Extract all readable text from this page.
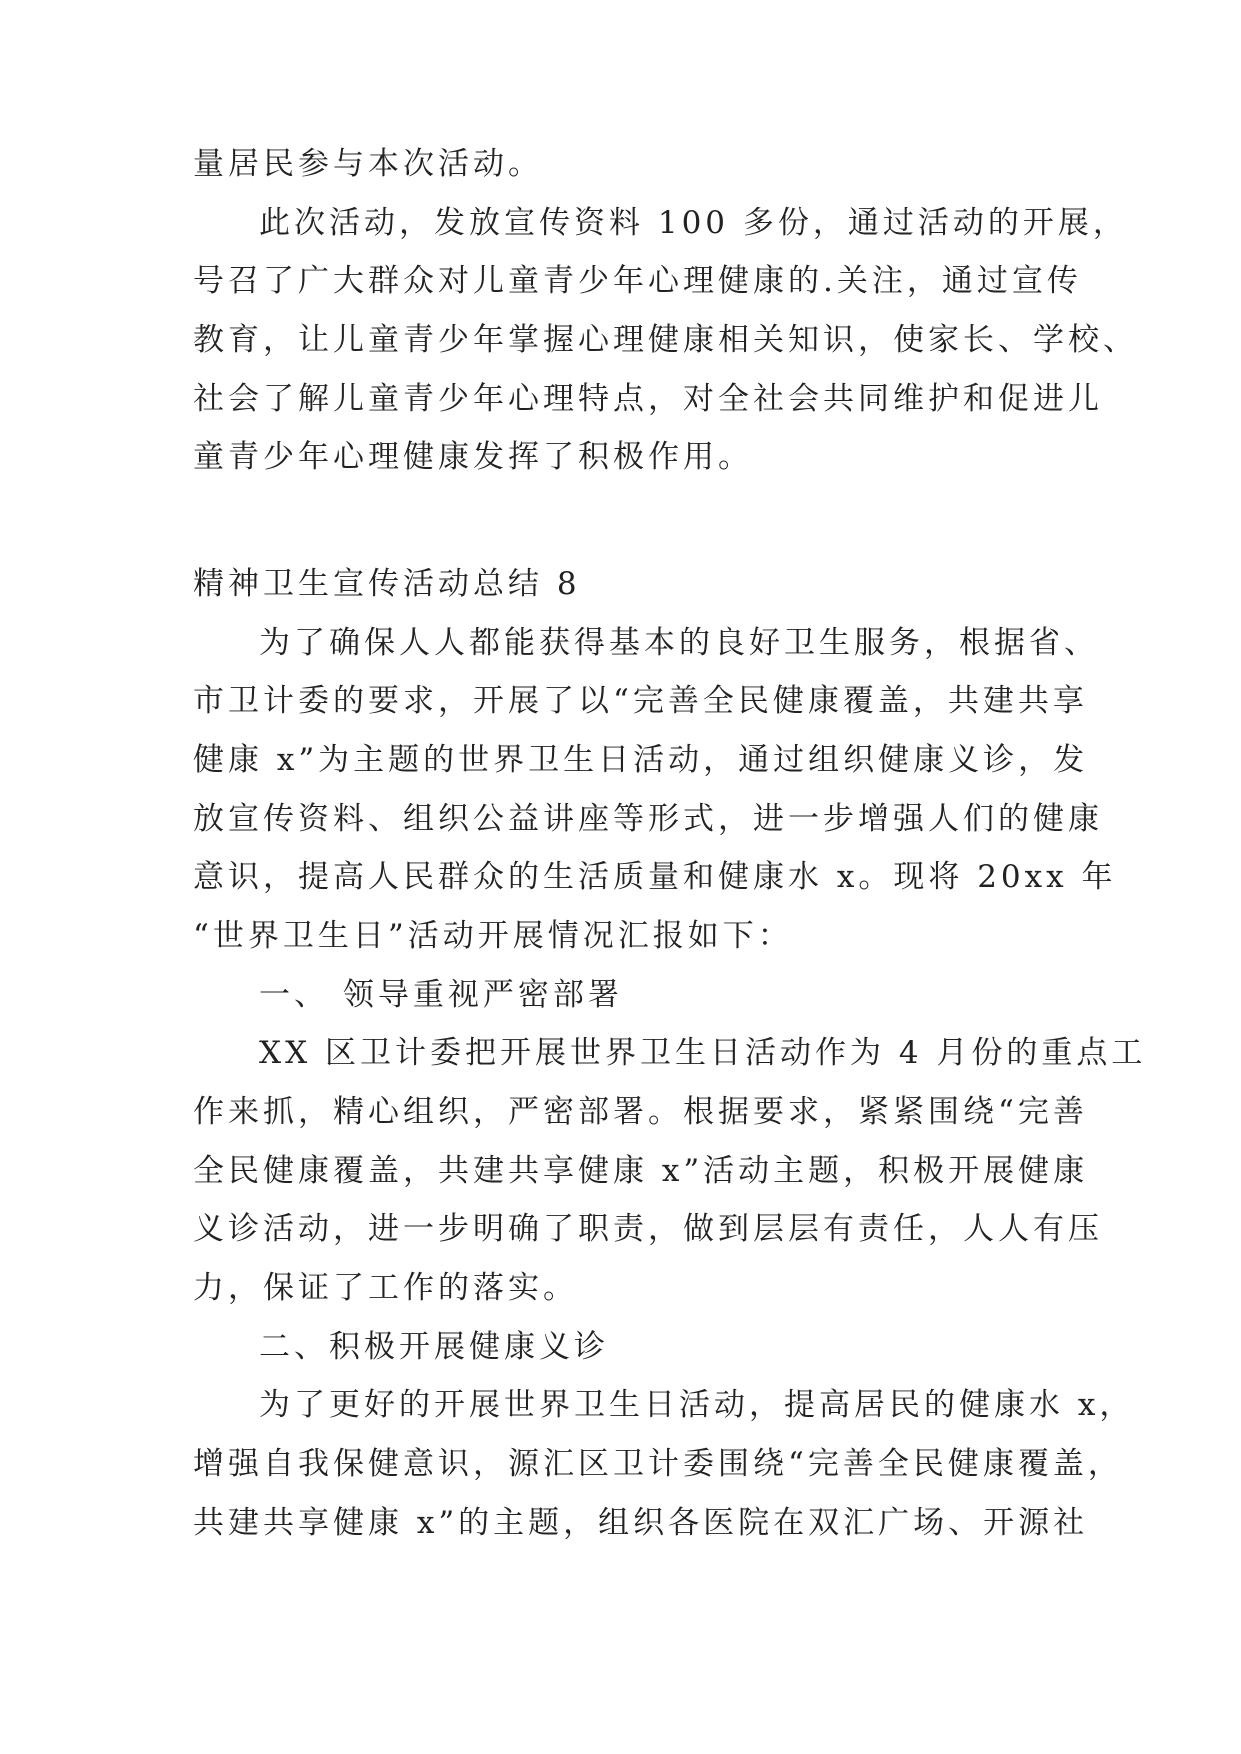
量居民参与本次活动。
此次活动，发放宣传资料 100 多份，通过活动的开展，
号召了广大群众对儿童青少年心理健康的.关注，通过宣传
教育，让儿童青少年掌握心理健康相关知识，使家长、学校、
社会了解儿童青少年心理特点，对全社会共同维护和促进儿
童青少年心理健康发挥了积极作用。
精神卫生宣传活动总结 8
为了确保人人都能获得基本的良好卫生服务，根据省、
市卫计委的要求，开展了以“完善全民健康覆盖，共建共享
健康 x”为主题的世界卫生日活动，通过组织健康义诊，发
放宣传资料、组织公益讲座等形式，进一步增强人们的健康
意识，提高人民群众的生活质量和健康水 x。现将 20xx 年
“世界卫生日”活动开展情况汇报如下：
一、 领导重视严密部署
XX 区卫计委把开展世界卫生日活动作为 4 月份的重点工
作来抓，精心组织，严密部署。根据要求，紧紧围绕“完善
全民健康覆盖，共建共享健康 x”活动主题，积极开展健康
义诊活动，进一步明确了职责，做到层层有责任，人人有压
力，保证了工作的落实。
二、积极开展健康义诊
为了更好的开展世界卫生日活动，提高居民的健康水 x，
增强自我保健意识，源汇区卫计委围绕“完善全民健康覆盖，
共建共享健康 x”的主题，组织各医院在双汇广场、开源社
